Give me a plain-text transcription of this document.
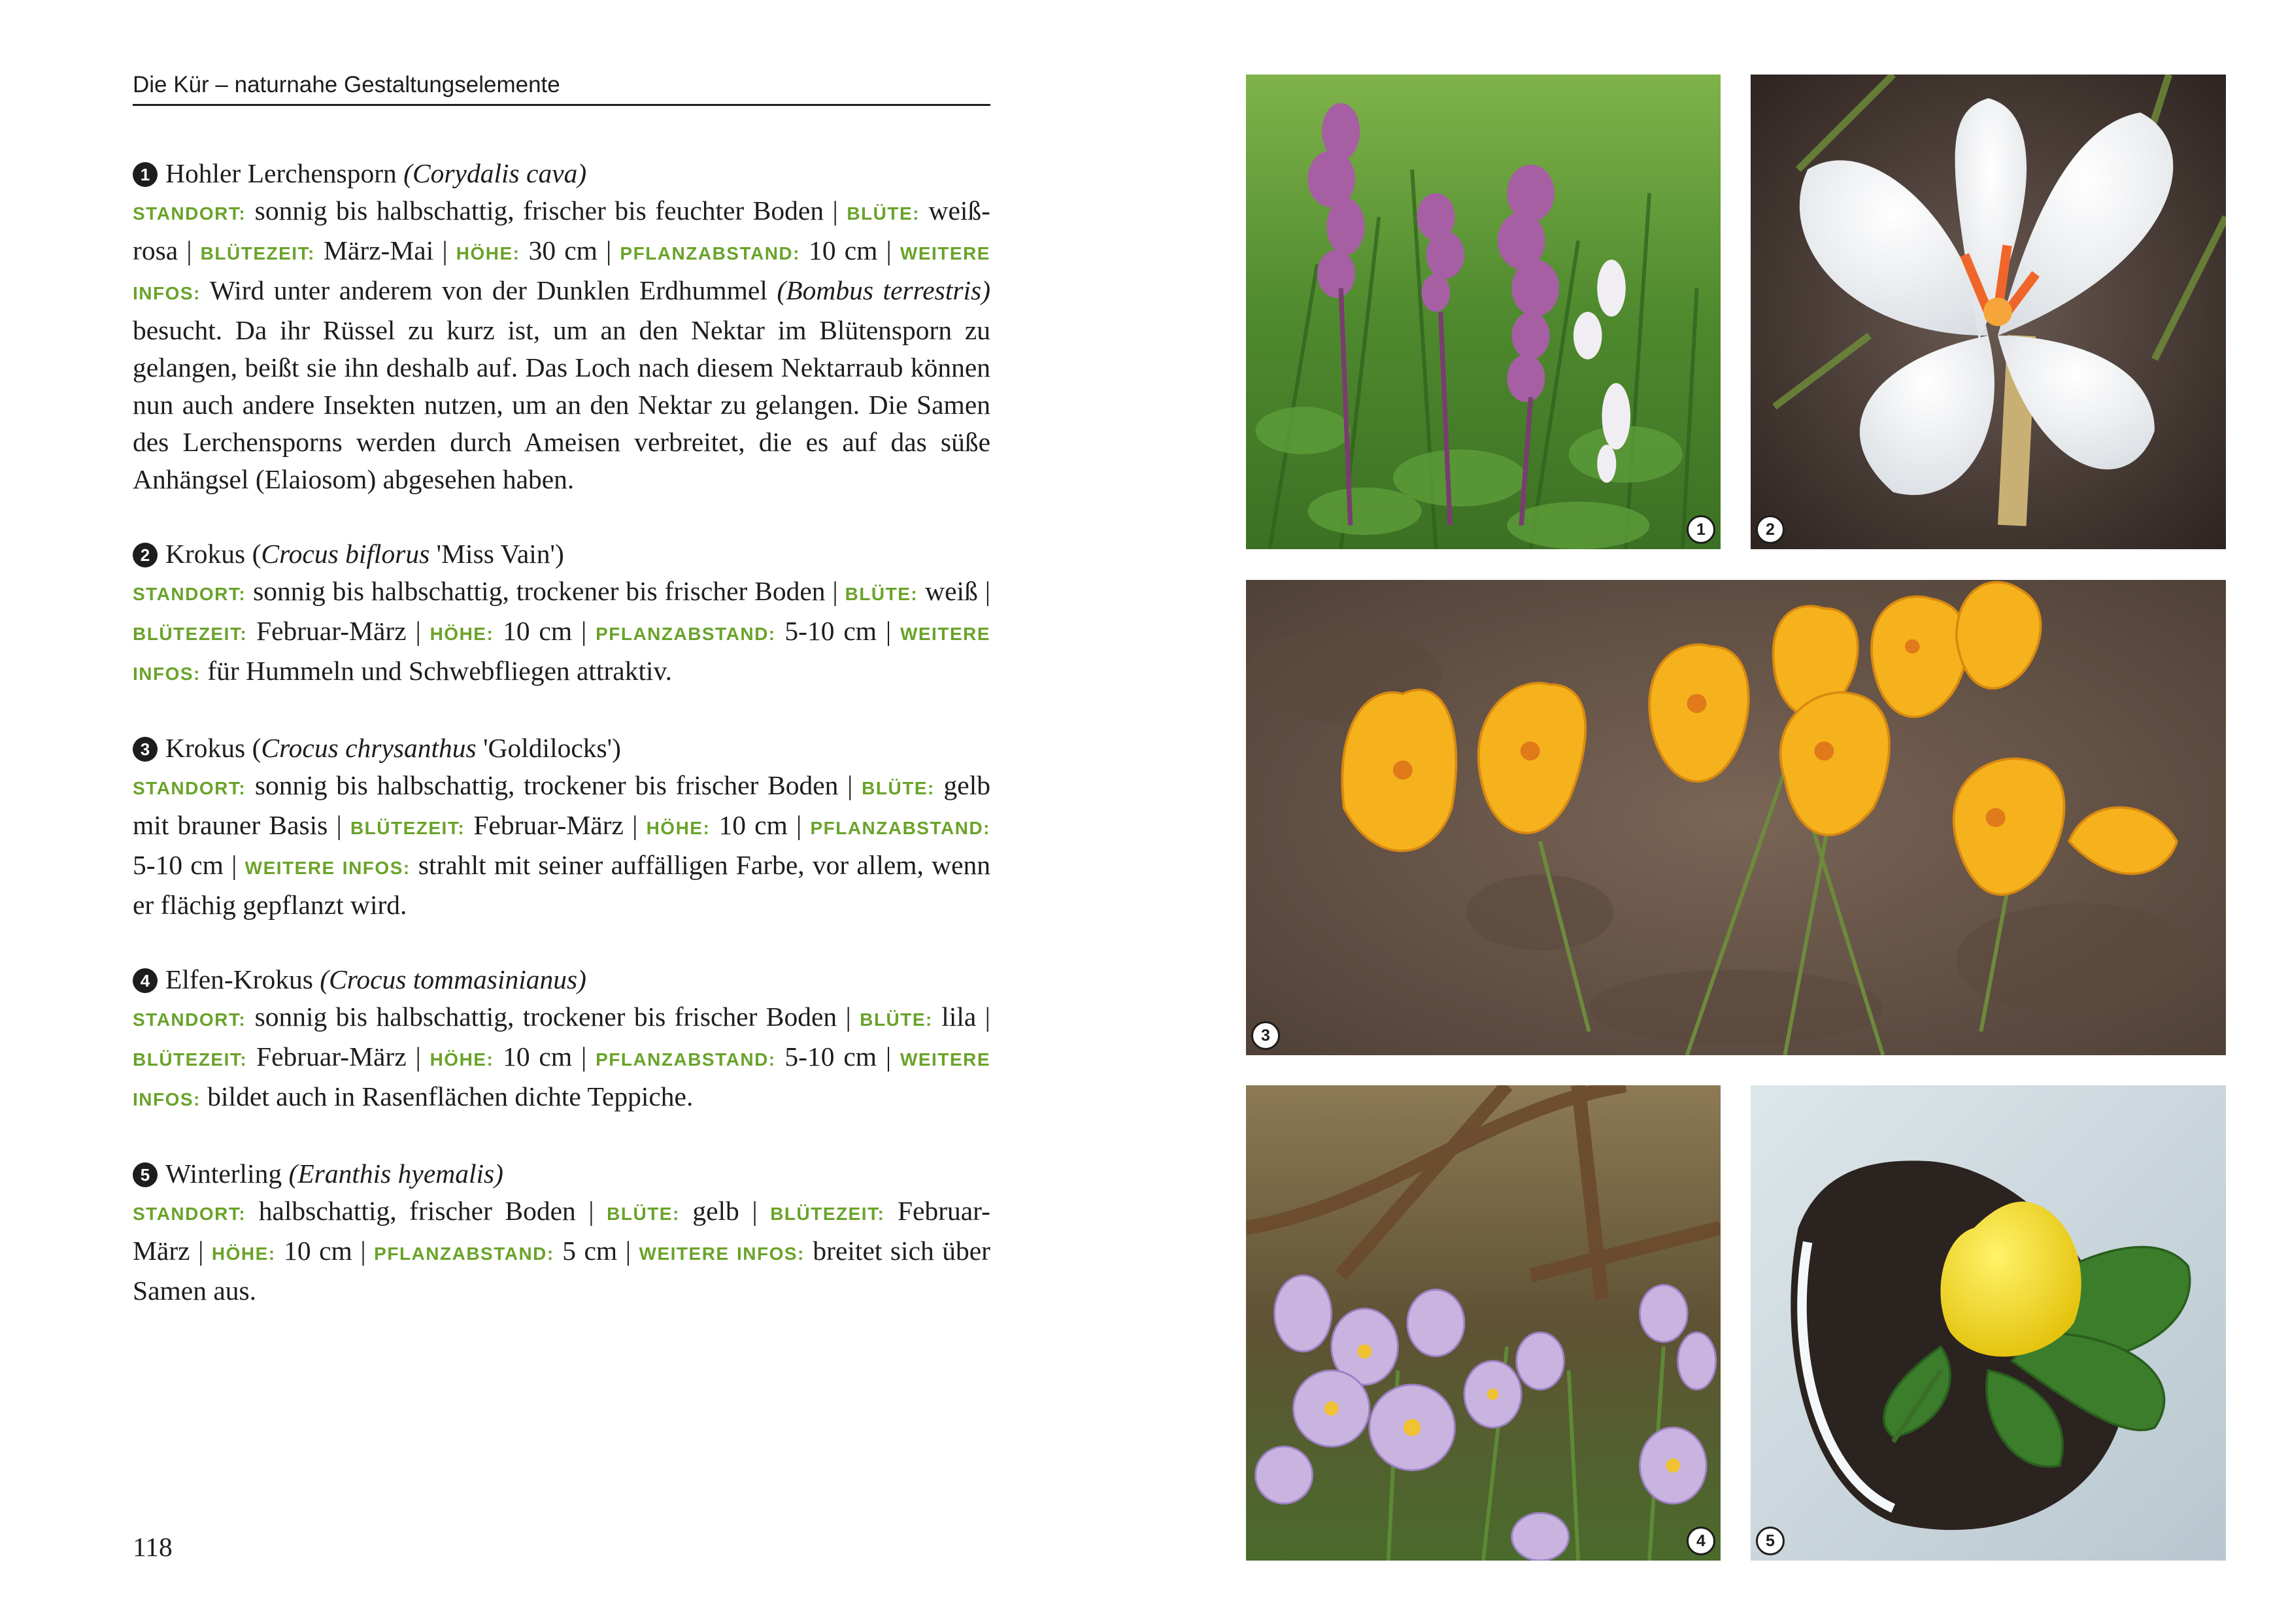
Die Kür – naturnahe Gestaltungselemente

1 Hohler Lerchensporn (Corydalis cava)
STANDORT: sonnig bis halbschattig, frischer bis feuchter Boden | BLÜTE: weiß-rosa | BLÜTEZEIT: März-Mai | HÖHE: 30 cm | PFLANZABSTAND: 10 cm | WEITERE INFOS: Wird unter anderem von der Dunklen Erdhummel (Bombus terrestris) besucht. Da ihr Rüssel zu kurz ist, um an den Nektar im Blütensporn zu gelangen, beißt sie ihn deshalb auf. Das Loch nach diesem Nektarraub können nun auch andere Insekten nutzen, um an den Nektar zu gelangen. Die Samen des Lerchensporns werden durch Ameisen verbreitet, die es auf das süße Anhängsel (Elaiosom) abgesehen haben.

2 Krokus (Crocus biflorus 'Miss Vain')
STANDORT: sonnig bis halbschattig, trockener bis frischer Boden | BLÜTE: weiß | BLÜTEZEIT: Februar-März | HÖHE: 10 cm | PFLANZABSTAND: 5-10 cm | WEITERE INFOS: für Hummeln und Schwebfliegen attraktiv.

3 Krokus (Crocus chrysanthus 'Goldilocks')
STANDORT: sonnig bis halbschattig, trockener bis frischer Boden | BLÜTE: gelb mit brauner Basis | BLÜTEZEIT: Februar-März | HÖHE: 10 cm | PFLANZABSTAND: 5-10 cm | WEITERE INFOS: strahlt mit seiner auffälligen Farbe, vor allem, wenn er flächig gepflanzt wird.

4 Elfen-Krokus (Crocus tommasinianus)
STANDORT: sonnig bis halbschattig, trockener bis frischer Boden | BLÜTE: lila | BLÜTEZEIT: Februar-März | HÖHE: 10 cm | PFLANZABSTAND: 5-10 cm | WEITERE INFOS: bildet auch in Rasenflächen dichte Teppiche.

5 Winterling (Eranthis hyemalis)
STANDORT: halbschattig, frischer Boden | BLÜTE: gelb | BLÜTEZEIT: Februar-März | HÖHE: 10 cm | PFLANZABSTAND: 5 cm | WEITERE INFOS: breitet sich über Samen aus.

118
1	2
3
4	5
